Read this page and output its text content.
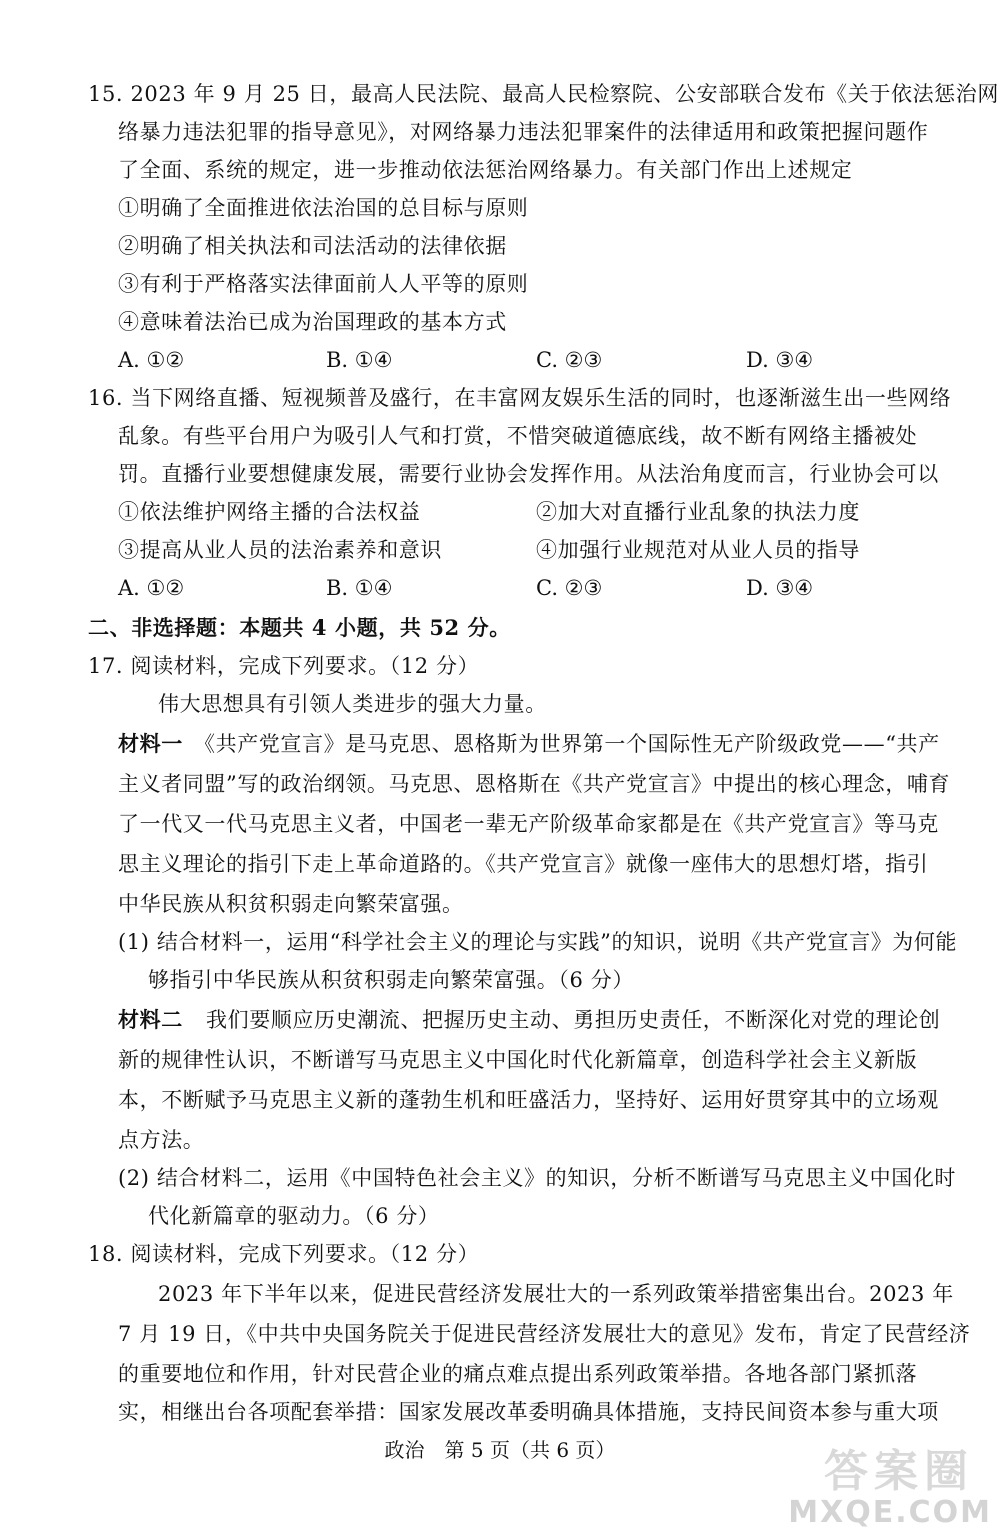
15. 2023 年 9 月 25 日，最高人民法院、最高人民检察院、公安部联合发布《关于依法惩治网
络暴力违法犯罪的指导意见》，对网络暴力违法犯罪案件的法律适用和政策把握问题作
了全面、系统的规定，进一步推动依法惩治网络暴力。有关部门作出上述规定
①明确了全面推进依法治国的总目标与原则
②明确了相关执法和司法活动的法律依据
③有利于严格落实法律面前人人平等的原则
④意味着法治已成为治国理政的基本方式
A. ①②	B. ①④	C. ②③	D. ③④
16. 当下网络直播、短视频普及盛行，在丰富网友娱乐生活的同时，也逐渐滋生出一些网络
乱象。有些平台用户为吸引人气和打赏，不惜突破道德底线，故不断有网络主播被处
罚。直播行业要想健康发展，需要行业协会发挥作用。从法治角度而言，行业协会可以
①依法维护网络主播的合法权益	②加大对直播行业乱象的执法力度
③提高从业人员的法治素养和意识	④加强行业规范对从业人员的指导
A. ①②	B. ①④	C. ②③	D. ③④
二、非选择题：本题共 4 小题，共 52 分。
17. 阅读材料，完成下列要求。（12 分）
伟大思想具有引领人类进步的强大力量。
材料一 《共产党宣言》是马克思、恩格斯为世界第一个国际性无产阶级政党——“共产
主义者同盟”写的政治纲领。马克思、恩格斯在《共产党宣言》中提出的核心理念，哺育
了一代又一代马克思主义者，中国老一辈无产阶级革命家都是在《共产党宣言》等马克
思主义理论的指引下走上革命道路的。《共产党宣言》就像一座伟大的思想灯塔，指引
中华民族从积贫积弱走向繁荣富强。
(1) 结合材料一，运用“科学社会主义的理论与实践”的知识，说明《共产党宣言》为何能
够指引中华民族从积贫积弱走向繁荣富强。（6 分）
材料二 我们要顺应历史潮流、把握历史主动、勇担历史责任，不断深化对党的理论创
新的规律性认识，不断谱写马克思主义中国化时代化新篇章，创造科学社会主义新版
本，不断赋予马克思主义新的蓬勃生机和旺盛活力，坚持好、运用好贯穿其中的立场观
点方法。
(2) 结合材料二，运用《中国特色社会主义》的知识，分析不断谱写马克思主义中国化时
代化新篇章的驱动力。（6 分）
18. 阅读材料，完成下列要求。（12 分）
2023 年下半年以来，促进民营经济发展壮大的一系列政策举措密集出台。2023 年
7 月 19 日，《中共中央国务院关于促进民营经济发展壮大的意见》发布，肯定了民营经济
的重要地位和作用，针对民营企业的痛点难点提出系列政策举措。各地各部门紧抓落
实，相继出台各项配套举措：国家发展改革委明确具体措施，支持民间资本参与重大项
政治　第 5 页（共 6 页）	答案圈
MXQE.COM
